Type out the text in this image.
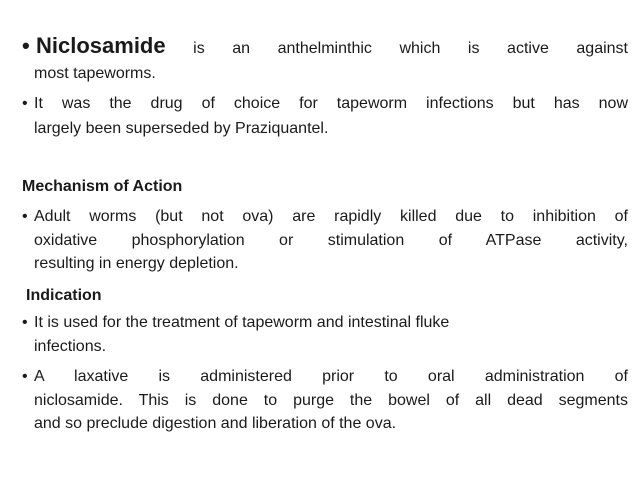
• Niclosamide is an anthelminthic which is active against
most tapeworms.
• It was the drug of choice for tapeworm infections but has now
largely been superseded by Praziquantel.
Mechanism of Action
• Adult worms (but not ova) are rapidly killed due to inhibition of
oxidative phosphorylation or stimulation of ATPase activity,
resulting in energy depletion.
Indication
• It is used for the treatment of tapeworm and intestinal fluke
infections.
• A laxative is administered prior to oral administration of
niclosamide. This is done to purge the bowel of all dead segments
and so preclude digestion and liberation of the ova.
